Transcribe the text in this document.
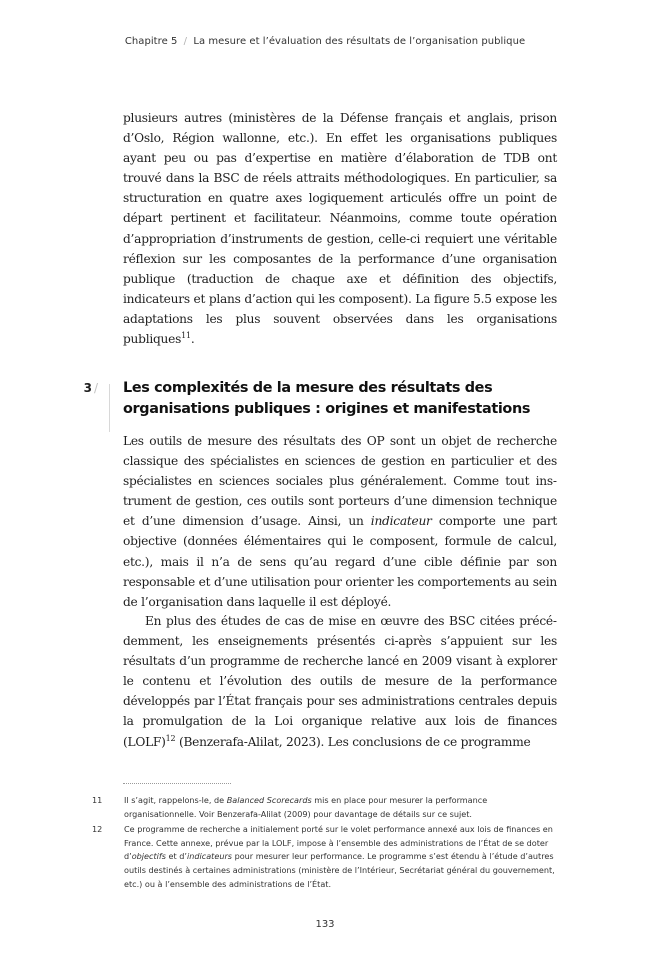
Chapitre 5 / La mesure et l’évaluation des résultats de l’organisation publique

plusieurs autres (ministères de la Défense français et anglais, prison d’Oslo, Région wallonne, etc.). En effet les organisations publiques ayant peu ou pas d’expertise en matière d’élaboration de TDB ont trouvé dans la BSC de réels attraits méthodologiques. En particulier, sa structuration en quatre axes logiquement articulés offre un point de départ pertinent et facilitateur. Néanmoins, comme toute opération d’appropriation d’instruments de gestion, celle-ci requiert une véritable réflexion sur les composantes de la performance d’une organisation publique (traduction de chaque axe et définition des objectifs, indicateurs et plans d’action qui les composent). La figure 5.5 expose les adaptations les plus souvent observées dans les organisations publiques$^{11}$.

3 / Les complexités de la mesure des résultats des organisations publiques : origines et manifestations

Les outils de mesure des résultats des OP sont un objet de recherche classique des spécialistes en sciences de gestion en particulier et des spécialistes en sciences sociales plus généralement. Comme tout instrument de gestion, ces outils sont porteurs d’une dimension technique et d’une dimension d’usage. Ainsi, un indicateur comporte une part objective (données élémentaires qui le composent, formule de calcul, etc.), mais il n’a de sens qu’au regard d’une cible définie par son responsable et d’une utilisation pour orienter les comportements au sein de l’organisation dans laquelle il est déployé.

En plus des études de cas de mise en œuvre des BSC citées précédemment, les enseignements présentés ci-après s’appuient sur les résultats d’un programme de recherche lancé en 2009 visant à explorer le contenu et l’évolution des outils de mesure de la performance développés par l’État français pour ses administrations centrales depuis la promulgation de la Loi organique relative aux lois de finances (LOLF)$^{12}$ (Benzerafa-Alilat, 2023). Les conclusions de ce programme

11	Il s’agit, rappelons-le, de Balanced Scorecards mis en place pour mesurer la performance organisationnelle. Voir Benzerafa-Alilat (2009) pour davantage de détails sur ce sujet.
12	Ce programme de recherche a initialement porté sur le volet performance annexé aux lois de finances en France. Cette annexe, prévue par la LOLF, impose à l’ensemble des administrations de l’État de se doter d’objectifs et d’indicateurs pour mesurer leur performance. Le programme s’est étendu à l’étude d’autres outils destinés à certaines administrations (ministère de l’Intérieur, Secrétariat général du gouvernement, etc.) ou à l’ensemble des administrations de l’État.
133
